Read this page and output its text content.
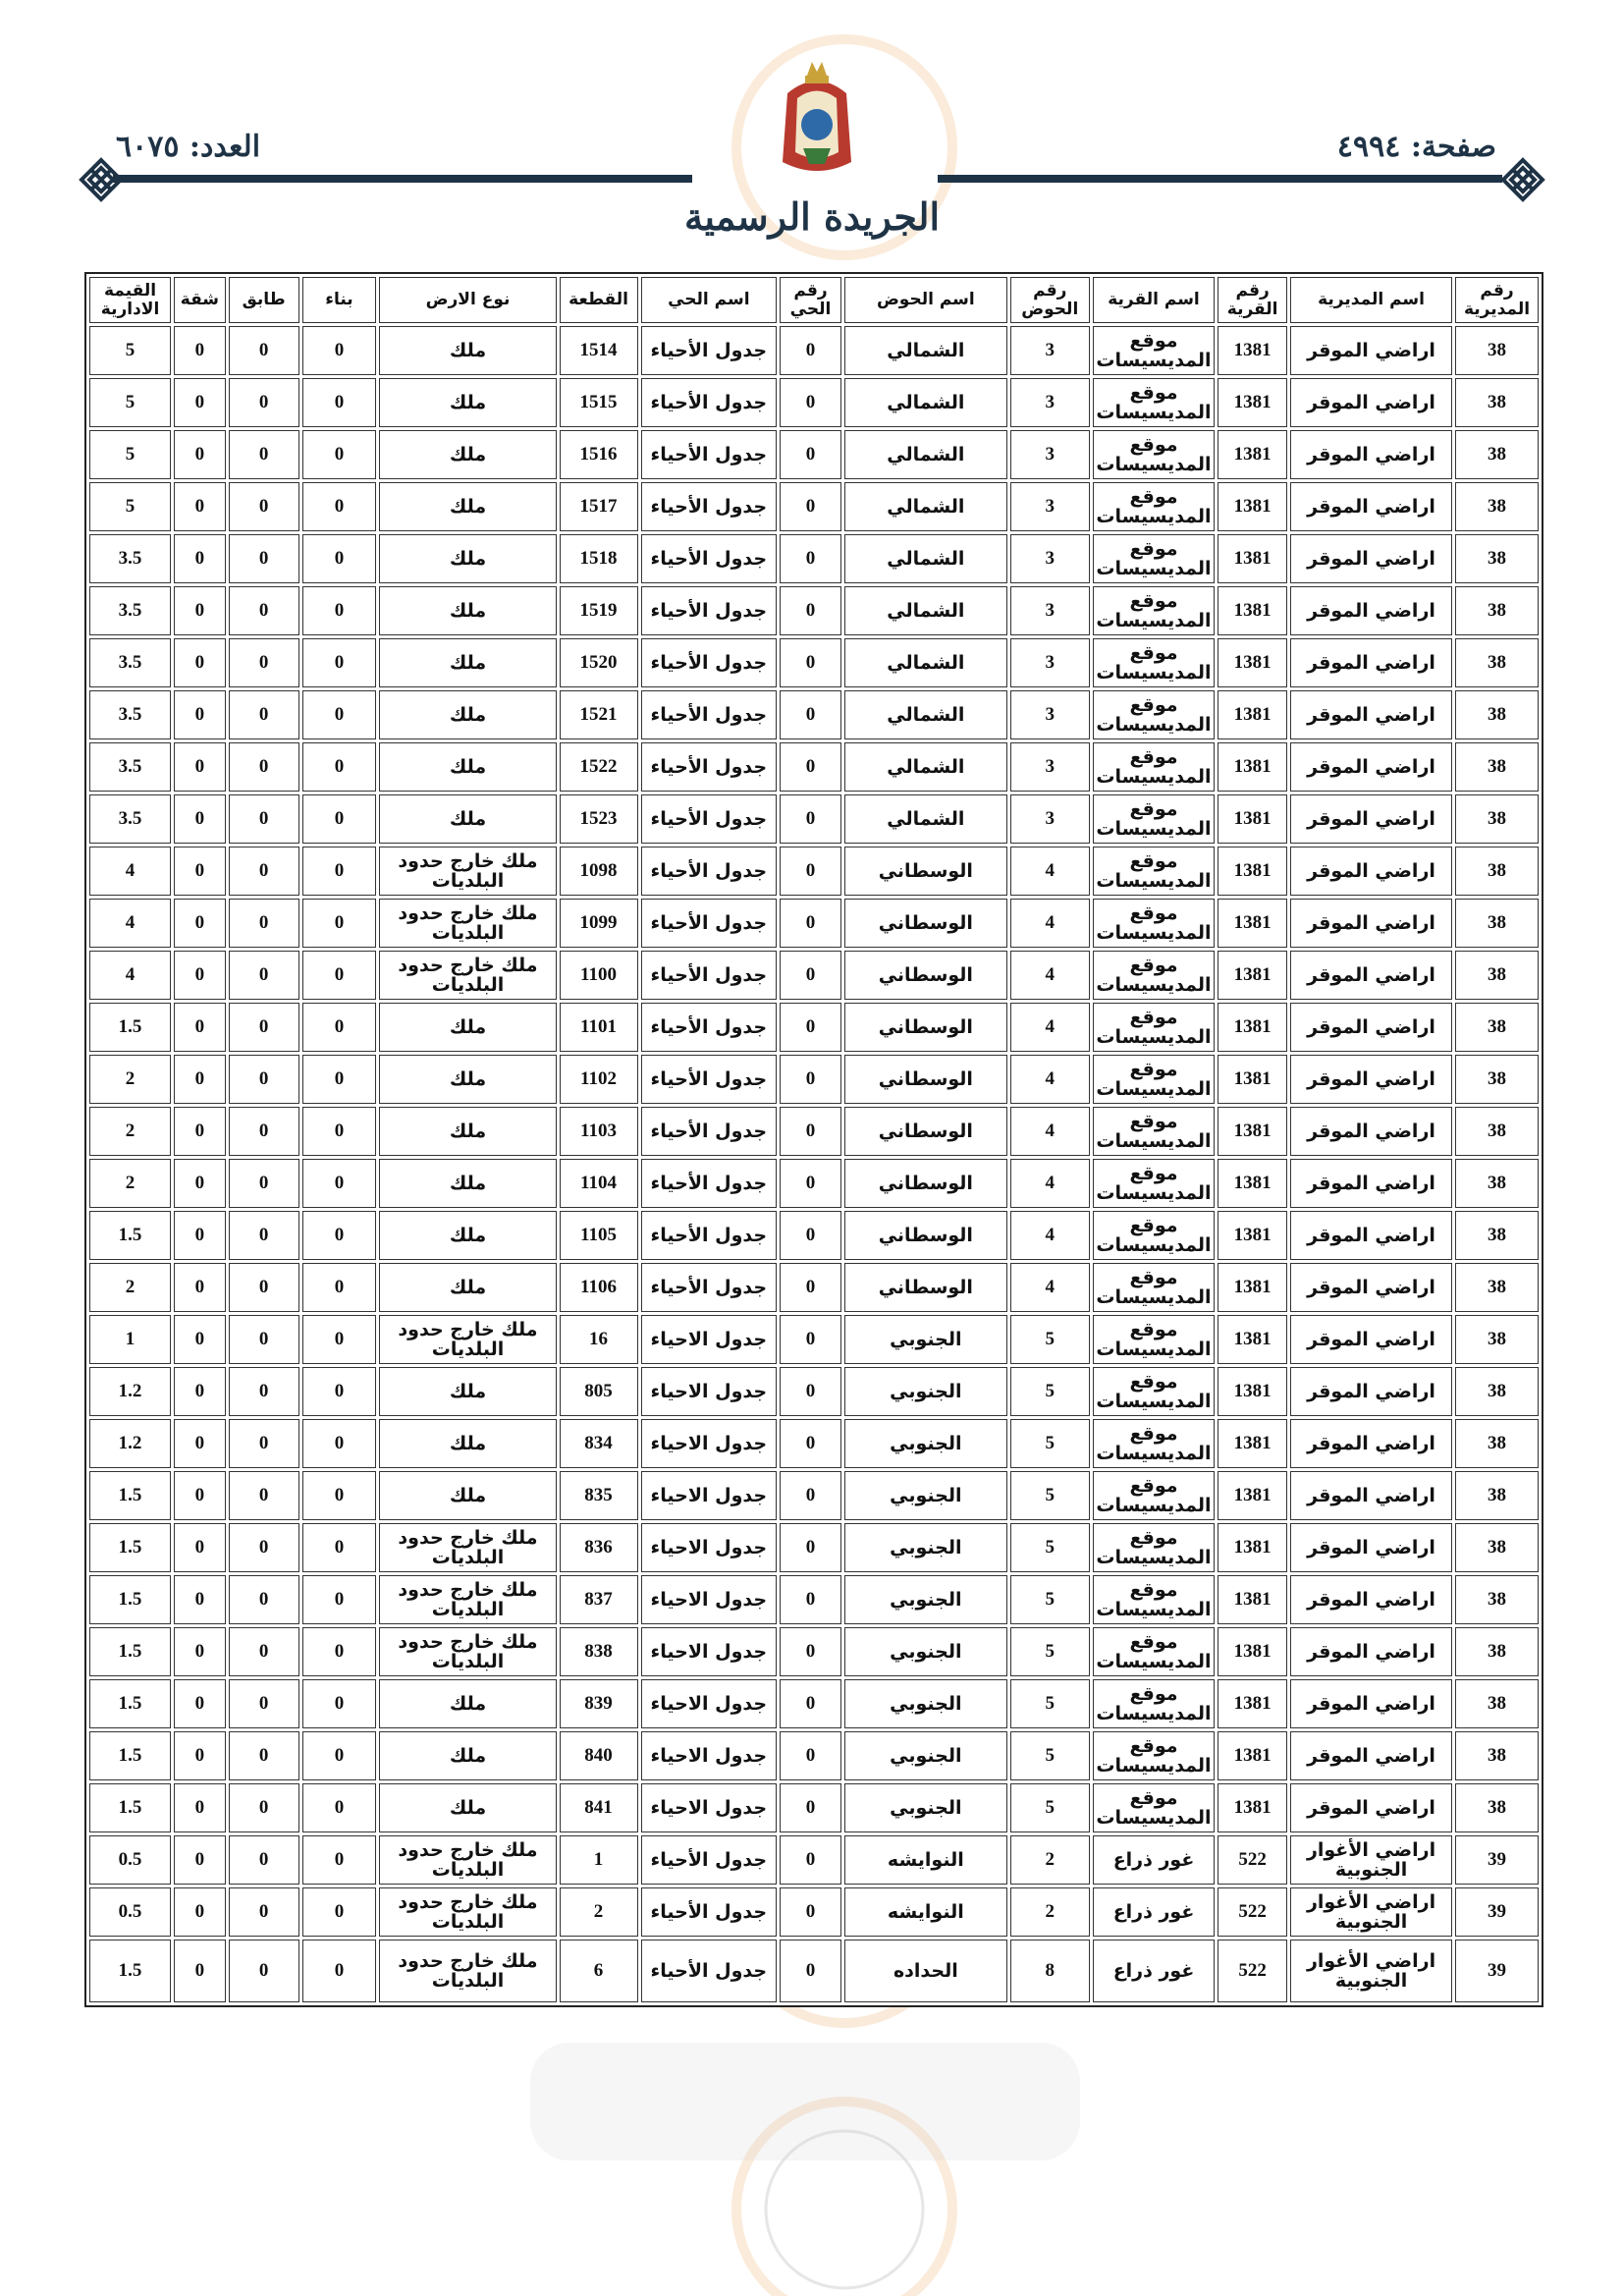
صفحة: ٤٩٩٤
العدد: ٦٠٧٥
الجريدة الرسمية
رقم المديرية	اسم المديرية	رقم القرية	اسم القرية	رقم الحوض	اسم الحوض	رقم الحي	اسم الحي	القطعة	نوع الارض	بناء	طابق	شقة	القيمة الادارية
38	اراضي الموقر	1381	موقع المديسيسات	3	الشمالي	0	جدول الأحياء	1514	ملك	0	0	0	5
38	اراضي الموقر	1381	موقع المديسيسات	3	الشمالي	0	جدول الأحياء	1515	ملك	0	0	0	5
38	اراضي الموقر	1381	موقع المديسيسات	3	الشمالي	0	جدول الأحياء	1516	ملك	0	0	0	5
38	اراضي الموقر	1381	موقع المديسيسات	3	الشمالي	0	جدول الأحياء	1517	ملك	0	0	0	5
38	اراضي الموقر	1381	موقع المديسيسات	3	الشمالي	0	جدول الأحياء	1518	ملك	0	0	0	3.5
38	اراضي الموقر	1381	موقع المديسيسات	3	الشمالي	0	جدول الأحياء	1519	ملك	0	0	0	3.5
38	اراضي الموقر	1381	موقع المديسيسات	3	الشمالي	0	جدول الأحياء	1520	ملك	0	0	0	3.5
38	اراضي الموقر	1381	موقع المديسيسات	3	الشمالي	0	جدول الأحياء	1521	ملك	0	0	0	3.5
38	اراضي الموقر	1381	موقع المديسيسات	3	الشمالي	0	جدول الأحياء	1522	ملك	0	0	0	3.5
38	اراضي الموقر	1381	موقع المديسيسات	3	الشمالي	0	جدول الأحياء	1523	ملك	0	0	0	3.5
38	اراضي الموقر	1381	موقع المديسيسات	4	الوسطاني	0	جدول الأحياء	1098	ملك خارج حدود البلديات	0	0	0	4
38	اراضي الموقر	1381	موقع المديسيسات	4	الوسطاني	0	جدول الأحياء	1099	ملك خارج حدود البلديات	0	0	0	4
38	اراضي الموقر	1381	موقع المديسيسات	4	الوسطاني	0	جدول الأحياء	1100	ملك خارج حدود البلديات	0	0	0	4
38	اراضي الموقر	1381	موقع المديسيسات	4	الوسطاني	0	جدول الأحياء	1101	ملك	0	0	0	1.5
38	اراضي الموقر	1381	موقع المديسيسات	4	الوسطاني	0	جدول الأحياء	1102	ملك	0	0	0	2
38	اراضي الموقر	1381	موقع المديسيسات	4	الوسطاني	0	جدول الأحياء	1103	ملك	0	0	0	2
38	اراضي الموقر	1381	موقع المديسيسات	4	الوسطاني	0	جدول الأحياء	1104	ملك	0	0	0	2
38	اراضي الموقر	1381	موقع المديسيسات	4	الوسطاني	0	جدول الأحياء	1105	ملك	0	0	0	1.5
38	اراضي الموقر	1381	موقع المديسيسات	4	الوسطاني	0	جدول الأحياء	1106	ملك	0	0	0	2
38	اراضي الموقر	1381	موقع المديسيسات	5	الجنوبي	0	جدول الاحياء	16	ملك خارج حدود البلديات	0	0	0	1
38	اراضي الموقر	1381	موقع المديسيسات	5	الجنوبي	0	جدول الاحياء	805	ملك	0	0	0	1.2
38	اراضي الموقر	1381	موقع المديسيسات	5	الجنوبي	0	جدول الاحياء	834	ملك	0	0	0	1.2
38	اراضي الموقر	1381	موقع المديسيسات	5	الجنوبي	0	جدول الاحياء	835	ملك	0	0	0	1.5
38	اراضي الموقر	1381	موقع المديسيسات	5	الجنوبي	0	جدول الاحياء	836	ملك خارج حدود البلديات	0	0	0	1.5
38	اراضي الموقر	1381	موقع المديسيسات	5	الجنوبي	0	جدول الاحياء	837	ملك خارج حدود البلديات	0	0	0	1.5
38	اراضي الموقر	1381	موقع المديسيسات	5	الجنوبي	0	جدول الاحياء	838	ملك خارج حدود البلديات	0	0	0	1.5
38	اراضي الموقر	1381	موقع المديسيسات	5	الجنوبي	0	جدول الاحياء	839	ملك	0	0	0	1.5
38	اراضي الموقر	1381	موقع المديسيسات	5	الجنوبي	0	جدول الاحياء	840	ملك	0	0	0	1.5
38	اراضي الموقر	1381	موقع المديسيسات	5	الجنوبي	0	جدول الاحياء	841	ملك	0	0	0	1.5
39	اراضي الأغوار الجنوبية	522	غور ذراع	2	النوايشه	0	جدول الأحياء	1	ملك خارج حدود البلديات	0	0	0	0.5
39	اراضي الأغوار الجنوبية	522	غور ذراع	2	النوايشه	0	جدول الأحياء	2	ملك خارج حدود البلديات	0	0	0	0.5
39	اراضي الأغوار الجنوبية	522	غور ذراع	8	الحداده	0	جدول الأحياء	6	ملك خارج حدود البلديات	0	0	0	1.5
